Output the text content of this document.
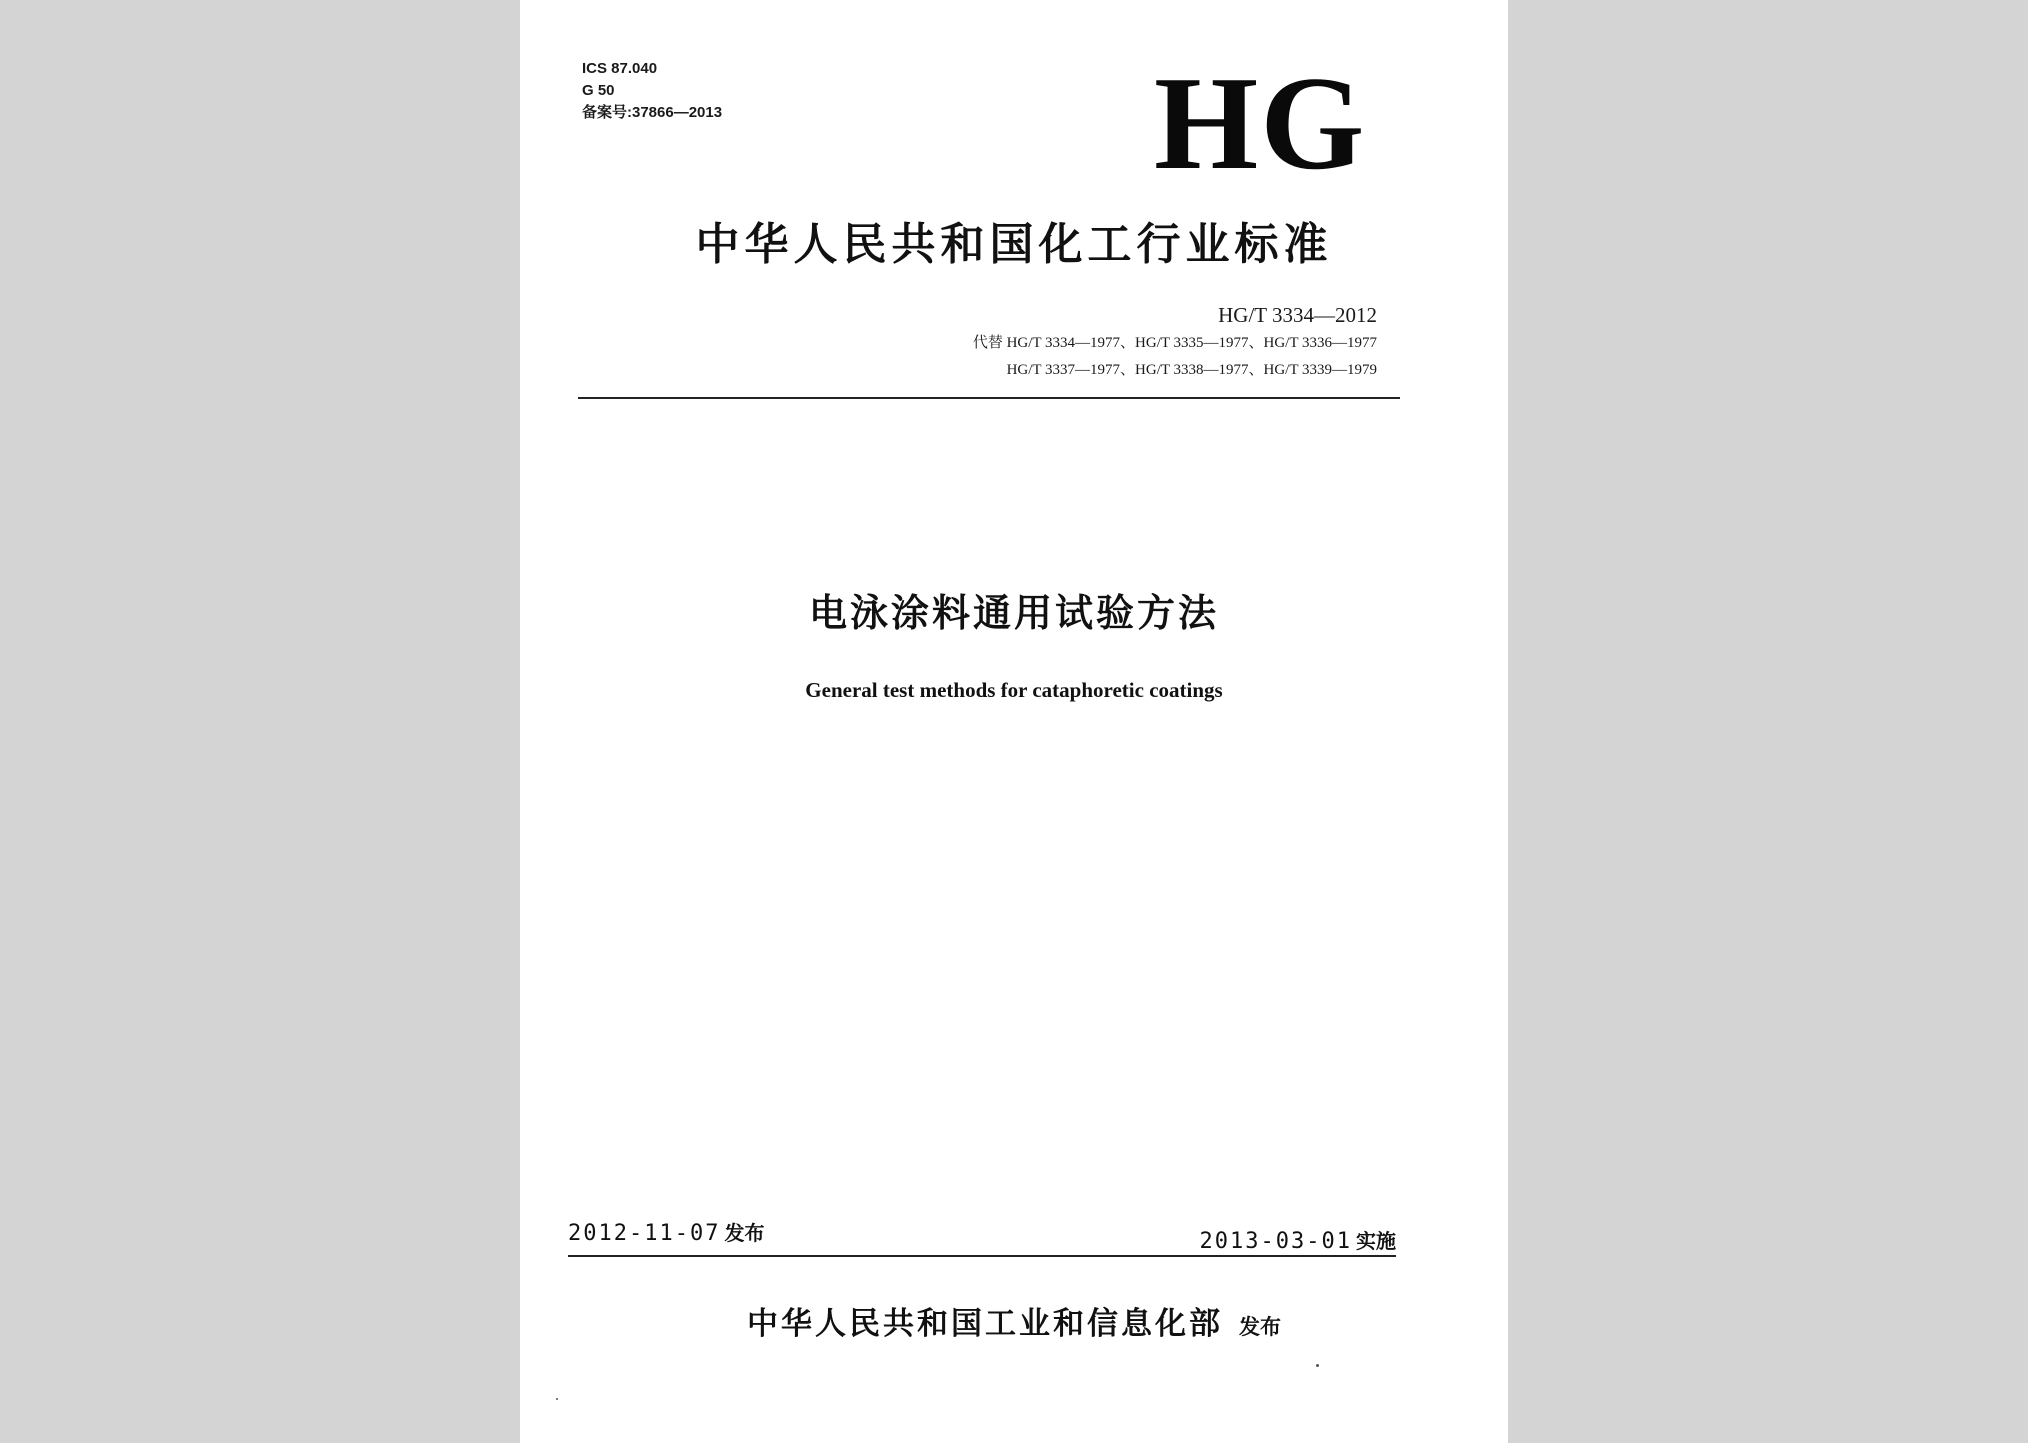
ICS 87.040
G 50
备案号:37866—2013	HG
中华人民共和国化工行业标准
HG/T 3334—2012
代替 HG/T 3334—1977、HG/T 3335—1977、HG/T 3336—1977
HG/T 3337—1977、HG/T 3338—1977、HG/T 3339—1979
电泳涂料通用试验方法
General test methods for cataphoretic coatings
2012-11-07 发布	2013-03-01 实施
中华人民共和国工业和信息化部 发布
